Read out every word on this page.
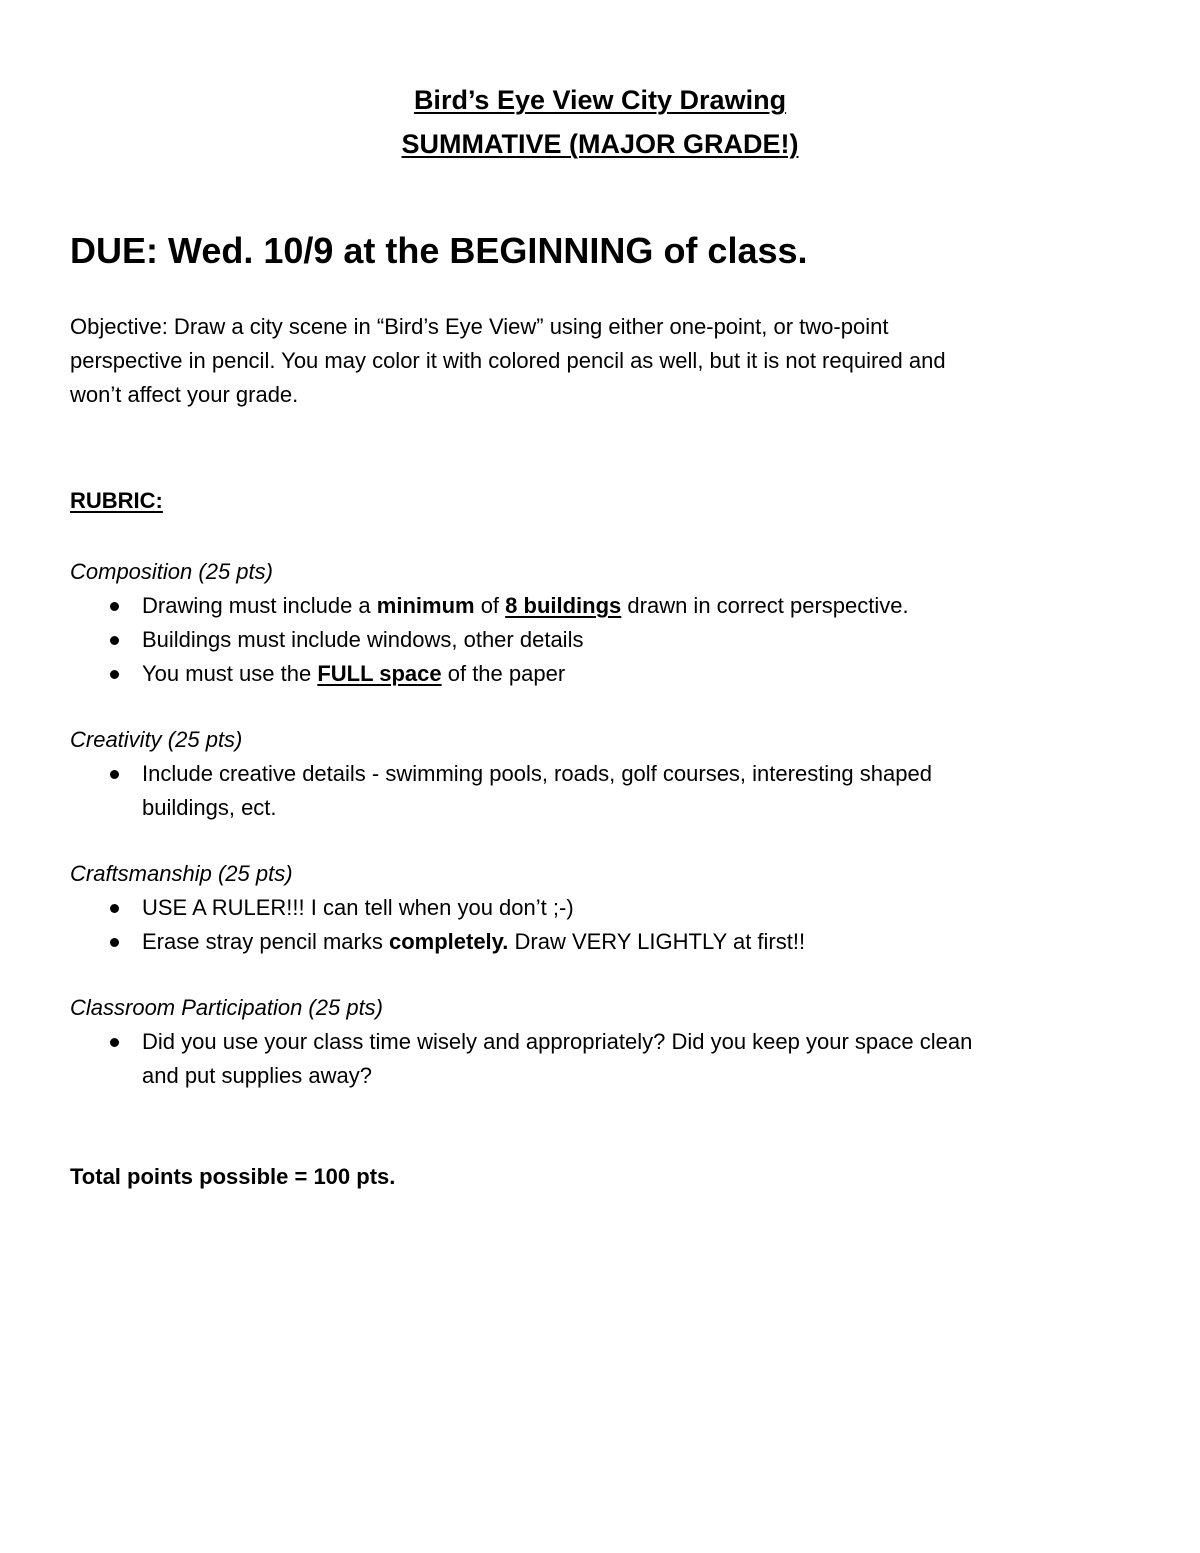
Bird’s Eye View City Drawing
SUMMATIVE (MAJOR GRADE!)
DUE: Wed. 10/9 at the BEGINNING of class.
Objective: Draw a city scene in “Bird’s Eye View” using either one-point, or two-point
perspective in pencil. You may color it with colored pencil as well, but it is not required and
won’t affect your grade.
RUBRIC:
Composition (25 pts)
Drawing must include a minimum of 8 buildings drawn in correct perspective.
Buildings must include windows, other details
You must use the FULL space of the paper
Creativity (25 pts)
Include creative details - swimming pools, roads, golf courses, interesting shaped
buildings, ect.
Craftsmanship (25 pts)
USE A RULER!!! I can tell when you don’t ;-)
Erase stray pencil marks completely. Draw VERY LIGHTLY at first!!
Classroom Participation (25 pts)
Did you use your class time wisely and appropriately? Did you keep your space clean
and put supplies away?
Total points possible = 100 pts.
